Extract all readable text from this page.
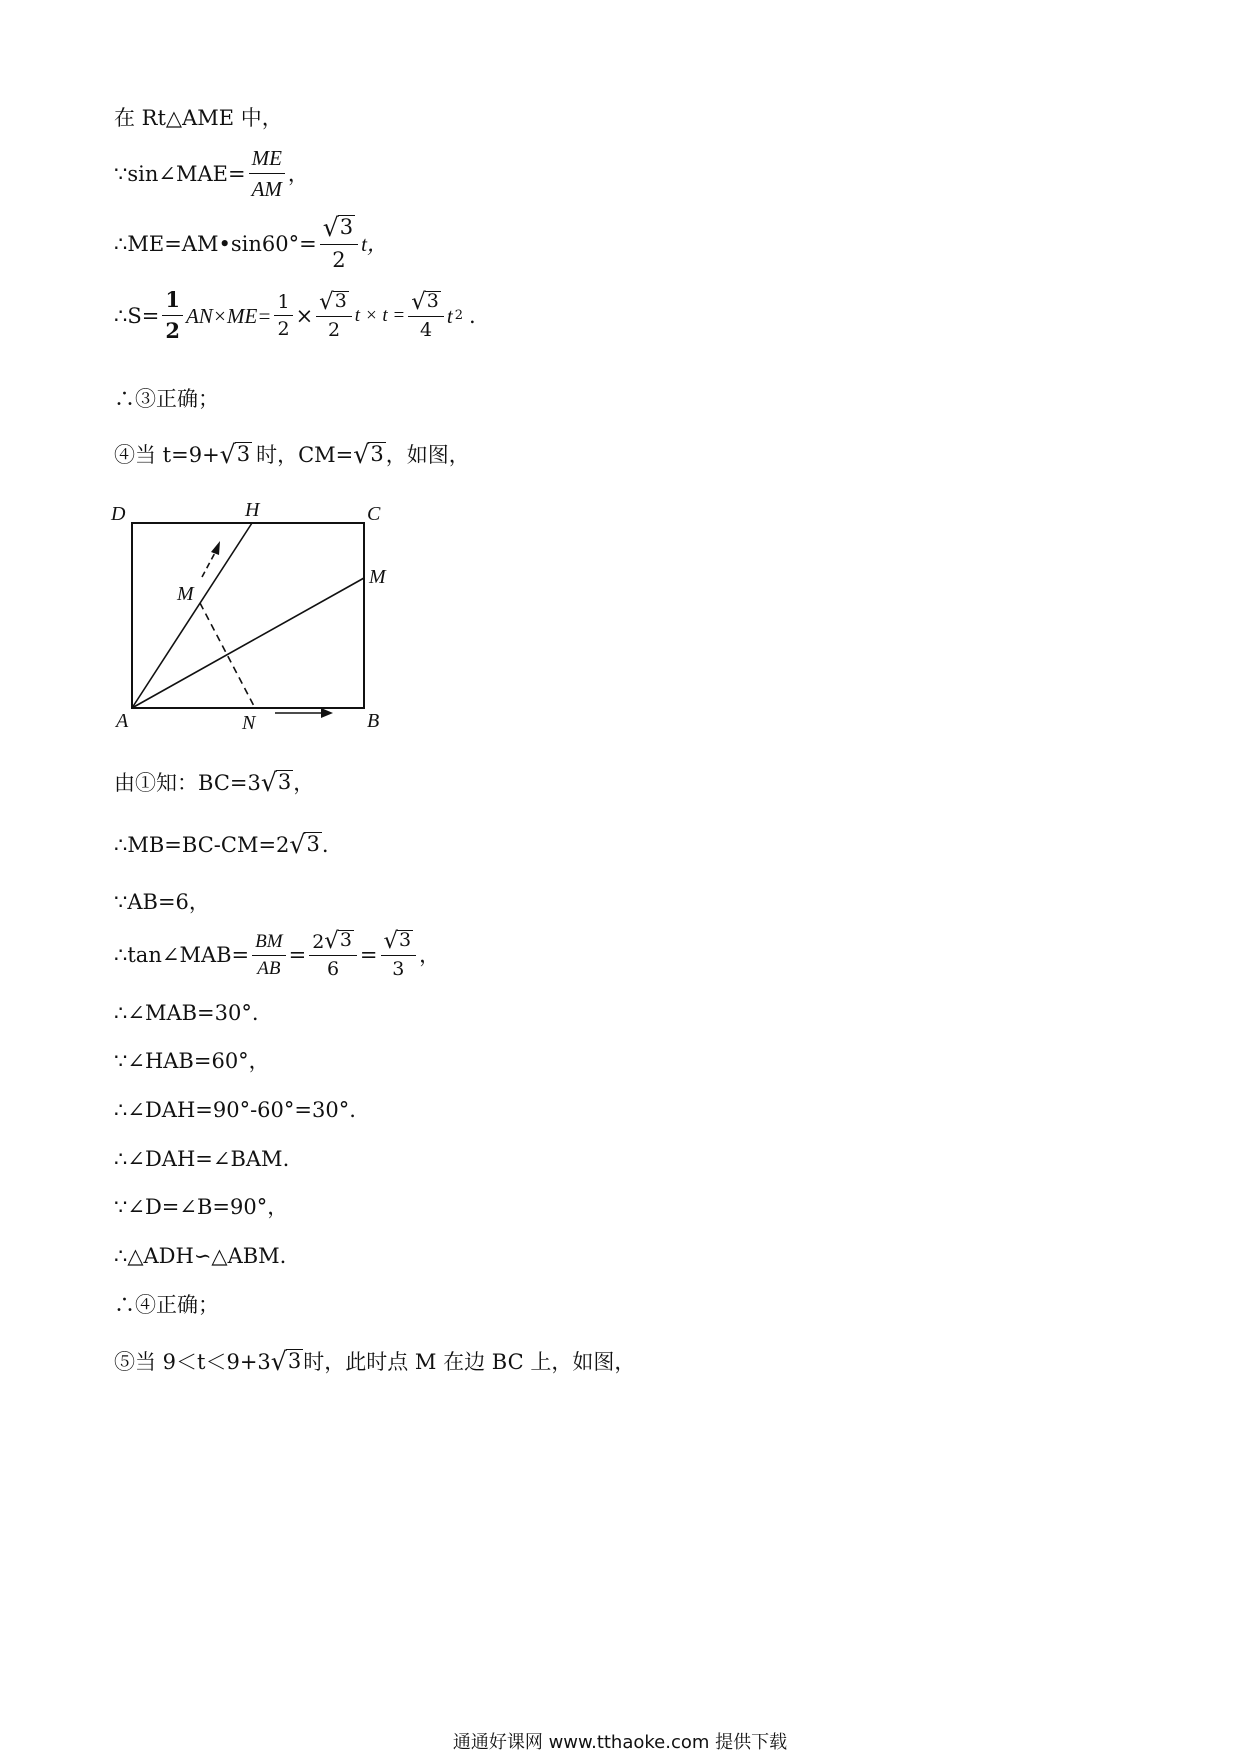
在 Rt△AME 中，
∵sin∠MAE= $\frac{ME}{AM}$ ，
∴ME=AM•sin60°= $\frac{√ 3}{2}$ t，
∴S= $\frac{1}{2} AN\times ME= \frac{1}{2} \times \frac{√ 3}{2}$ $t \times t = \frac{√ 3}{4}$ t 2 .
∴③正确；
④当 t=9+ √ 3 时，CM= √ 3 ，如图，
D	H	C
M
M
A	N	B
由①知：BC=3 √ 3 ，
∴MB=BC-CM=2 √ 3 .
∵AB=6，
∴tan∠MAB= $\frac{BM}{AB} = \frac{2 √ 3}{6} = \frac{√ 3}{3}$ ，
∴∠MAB=30°.
∵∠HAB=60°，
∴∠DAH=90°-60°=30°.
∴∠DAH=∠BAM.
∵∠D=∠B=90°，
∴△ADH∽△ABM.
∴④正确；
⑤当 9＜t＜9+3 √ 3 时，此时点 M 在边 BC 上，如图，
通通好课网 www.tthaoke.com 提供下载
